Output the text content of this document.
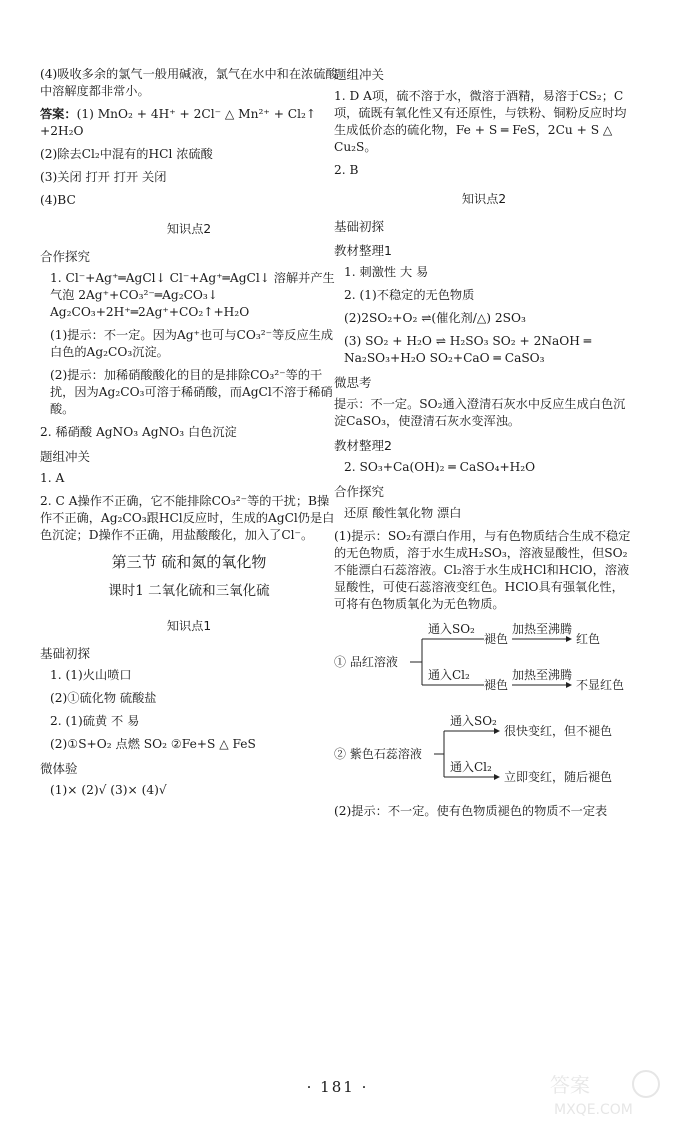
(4)吸收多余的氯气一般用碱液，氯气在水中和在浓硫酸中溶解度都非常小。

答案：(1) MnO₂ + 4H⁺ + 2Cl⁻ △ Mn²⁺ + Cl₂↑ +2H₂O

(2)除去Cl₂中混有的HCl 浓硫酸

(3)关闭 打开 打开 关闭

(4)BC

知识点2
合作探究

1. Cl⁻+Ag⁺═AgCl↓ Cl⁻+Ag⁺═AgCl↓ 溶解并产生气泡 2Ag⁺+CO₃²⁻═Ag₂CO₃↓ Ag₂CO₃+2H⁺═2Ag⁺+CO₂↑+H₂O

(1)提示：不一定。因为Ag⁺也可与CO₃²⁻等反应生成白色的Ag₂CO₃沉淀。

(2)提示：加稀硝酸酸化的目的是排除CO₃²⁻等的干扰，因为Ag₂CO₃可溶于稀硝酸，而AgCl不溶于稀硝酸。

2. 稀硝酸 AgNO₃ AgNO₃ 白色沉淀

题组冲关

1. A

2. C A操作不正确，它不能排除CO₃²⁻等的干扰；B操作不正确，Ag₂CO₃跟HCl反应时，生成的AgCl仍是白色沉淀；D操作不正确，用盐酸酸化，加入了Cl⁻。

第三节 硫和氮的氧化物
课时1 二氧化硫和三氧化硫
知识点1
基础初探

1. (1)火山喷口

(2)①硫化物 硫酸盐

2. (1)硫黄 不 易

(2)①S+O₂ 点燃 SO₂ ②Fe+S △ FeS

微体验

(1)× (2)√ (3)× (4)√

题组冲关

1. D A项，硫不溶于水，微溶于酒精，易溶于CS₂；C项，硫既有氧化性又有还原性，与铁粉、铜粉反应时均生成低价态的硫化物，Fe + S ═ FeS，2Cu + S △ Cu₂S。

2. B

知识点2
基础初探
教材整理1

1. 刺激性 大 易

2. (1)不稳定的无色物质

(2)2SO₂+O₂ ⇌(催化剂/△) 2SO₃

(3) SO₂ + H₂O ⇌ H₂SO₃ SO₂ + 2NaOH ═ Na₂SO₃+H₂O SO₂+CaO ═ CaSO₃

微思考

提示：不一定。SO₂通入澄清石灰水中反应生成白色沉淀CaSO₃，使澄清石灰水变浑浊。

教材整理2

2. SO₃+Ca(OH)₂ ═ CaSO₄+H₂O

合作探究

还原 酸性氧化物 漂白

(1)提示：SO₂有漂白作用，与有色物质结合生成不稳定的无色物质，溶于水生成H₂SO₃，溶液显酸性，但SO₂不能漂白石蕊溶液。Cl₂溶于水生成HCl和HClO，溶液显酸性，可使石蕊溶液变红色。HClO具有强氧化性，可将有色物质氧化为无色物质。

① 品红溶液
通入SO₂
褪色
加热至沸腾
红色
通入Cl₂
褪色
加热至沸腾
不显红色
② 紫色石蕊溶液
通入SO₂
很快变红，但不褪色
通入Cl₂
立即变红，随后褪色

(2)提示：不一定。使有色物质褪色的物质不一定表

· 181 ·	答案
MXQE.COM
